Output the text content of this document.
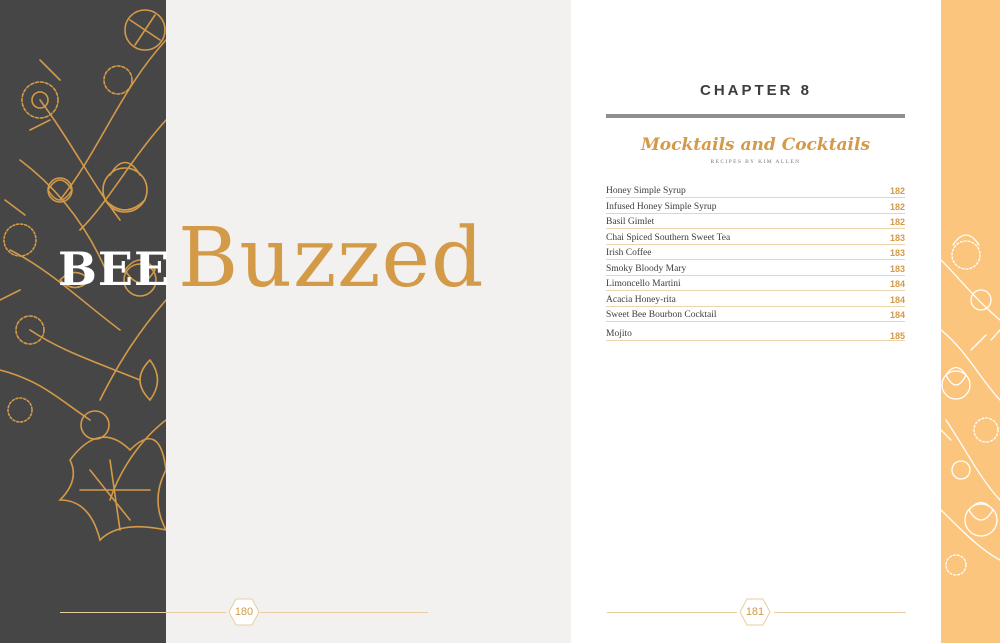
BEE Buzzed
180
CHAPTER 8
Mocktails and Cocktails

RECIPES BY KIM ALLEN

Honey Simple Syrup	182
Infused Honey Simple Syrup	182
Basil Gimlet	182
Chai Spiced Southern Sweet Tea	183
Irish Coffee	183
Smoky Bloody Mary	183
Limoncello Martini	184
Acacia Honey-rita	184
Sweet Bee Bourbon Cocktail	184
Mojito	185
181
